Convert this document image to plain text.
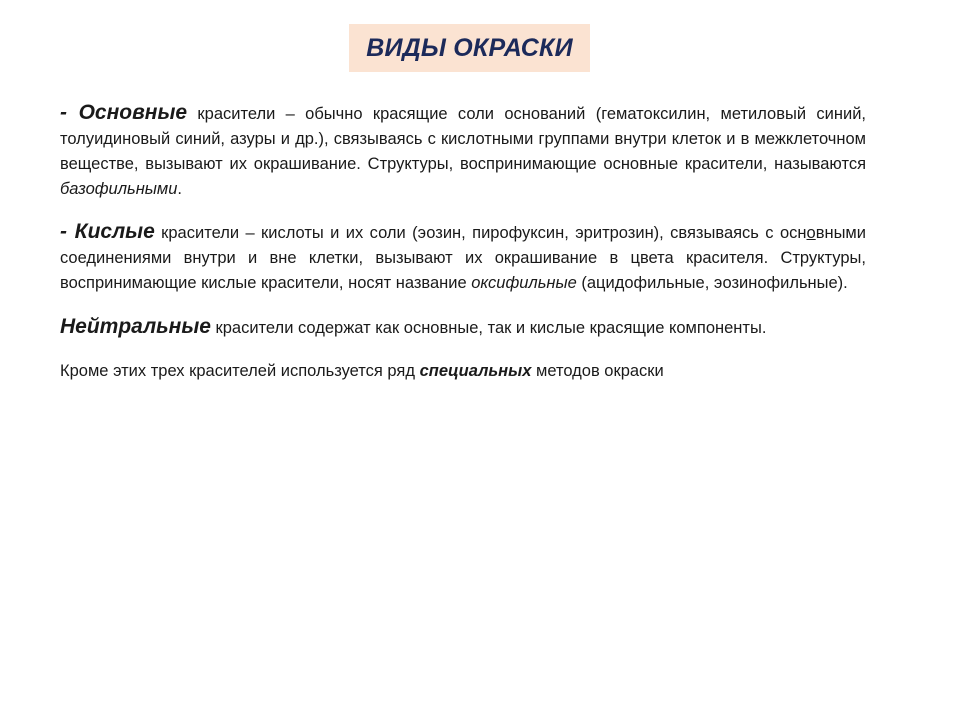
ВИДЫ ОКРАСКИ

- Основные красители – обычно красящие соли оснований (гематоксилин, метиловый синий, толуидиновый синий, азуры и др.), связываясь с кислотными группами внутри клеток и в межклеточном веществе, вызывают их окрашивание. Структуры, воспринимающие основные красители, называются базофильными.

- Кислые красители – кислоты и их соли (эозин, пирофуксин, эритрозин), связываясь с основными соединениями внутри и вне клетки, вызывают их окрашивание в цвета красителя. Структуры, воспринимающие кислые красители, носят название оксифильные (ацидофильные, эозинофильные).

Нейтральные красители содержат как основные, так и кислые красящие компоненты.

Кроме этих трех красителей используется ряд специальных методов окраски
